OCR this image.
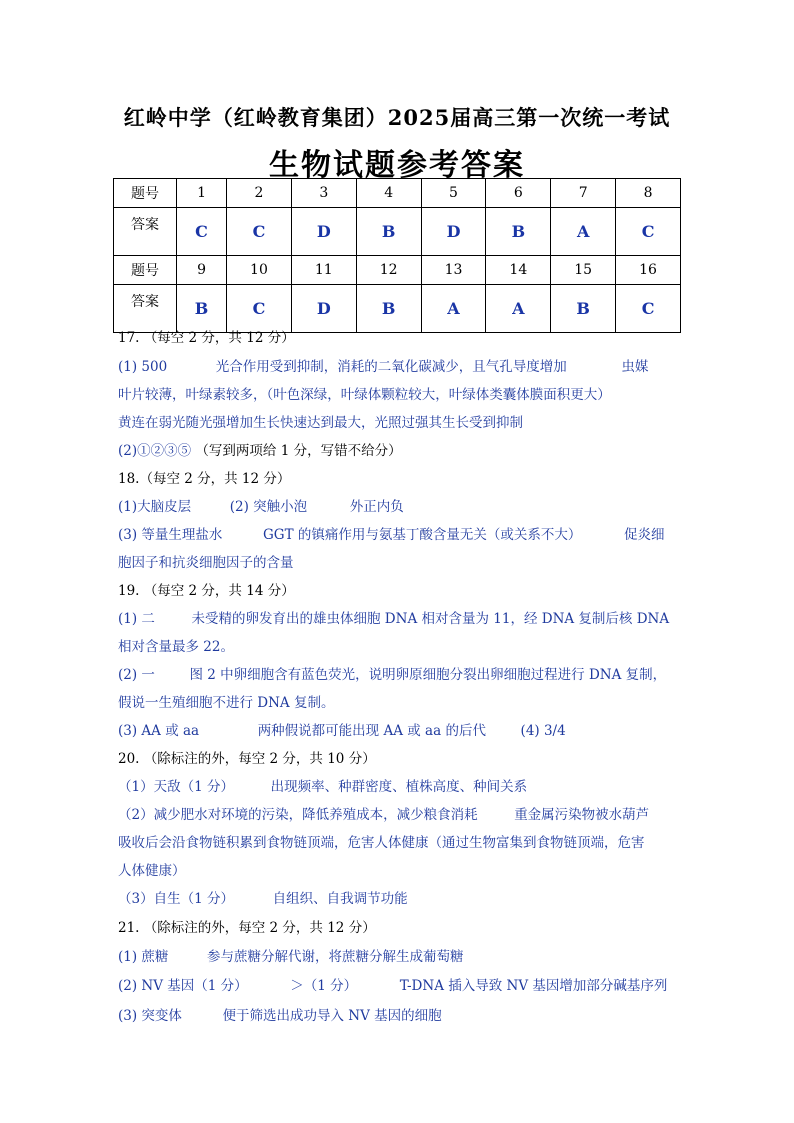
红岭中学（红岭教育集团）2025届高三第一次统一考试
生物试题参考答案
题号	1	2	3	4	5	6	7	8
答案	C	C	D	B	D	B	A	C
题号	9	10	11	12	13	14	15	16
答案	B	C	D	B	A	A	B	C
17. （每空 2 分，共 12 分）
(1) 500	光合作用受到抑制，消耗的二氧化碳减少，且气孔导度增加	虫媒
叶片较薄，叶绿素较多，（叶色深绿，叶绿体颗粒较大，叶绿体类囊体膜面积更大）
黄连在弱光随光强增加生长快速达到最大，光照过强其生长受到抑制
(2)①②③⑤ （写到两项给 1 分，写错不给分）
18.（每空 2 分，共 12 分）
(1)大脑皮层	(2) 突触小泡	外正内负
(3) 等量生理盐水	GGT 的镇痛作用与氨基丁酸含量无关（或关系不大）	促炎细
胞因子和抗炎细胞因子的含量
19. （每空 2 分，共 14 分）
(1) 二	未受精的卵发育出的雄虫体细胞 DNA 相对含量为 11，经 DNA 复制后核 DNA
相对含量最多 22。
(2) 一	图 2 中卵细胞含有蓝色荧光，说明卵原细胞分裂出卵细胞过程进行 DNA 复制，
假说一生殖细胞不进行 DNA 复制。
(3) AA 或 aa	两种假说都可能出现 AA 或 aa 的后代	(4) 3/4
20. （除标注的外，每空 2 分，共 10 分）
（1）天敌（1 分）	出现频率、种群密度、植株高度、种间关系
（2）减少肥水对环境的污染，降低养殖成本，减少粮食消耗	重金属污染物被水葫芦
吸收后会沿食物链积累到食物链顶端，危害人体健康（通过生物富集到食物链顶端，危害
人体健康）
（3）自生（1 分）	自组织、自我调节功能
21. （除标注的外，每空 2 分，共 12 分）
(1) 蔗糖	参与蔗糖分解代谢，将蔗糖分解生成葡萄糖
(2) NV 基因（1 分）	＞（1 分）	T-DNA 插入导致 NV 基因增加部分碱基序列
(3) 突变体	便于筛选出成功导入 NV 基因的细胞
